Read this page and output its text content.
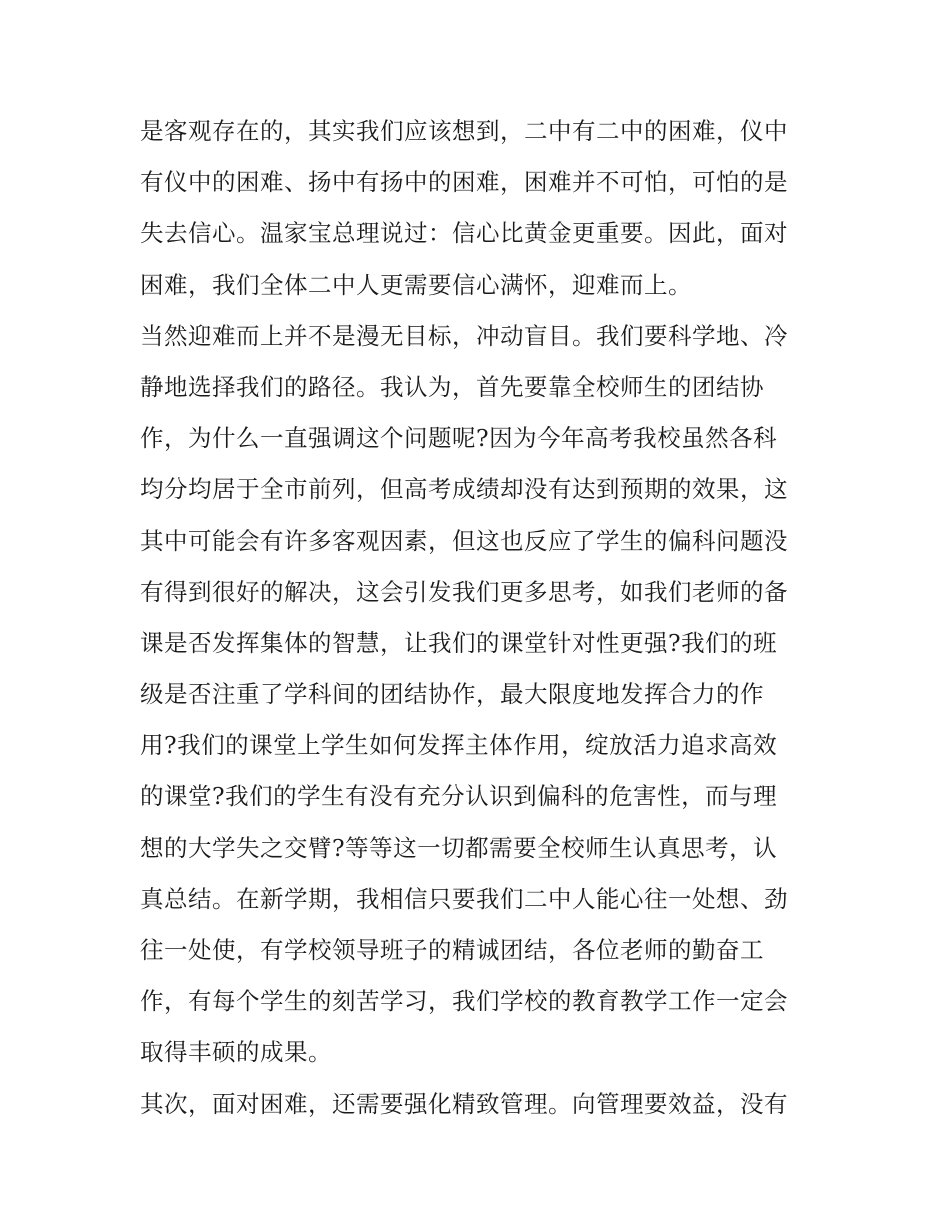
是客观存在的，其实我们应该想到，二中有二中的困难，仪中
有仪中的困难、扬中有扬中的困难，困难并不可怕，可怕的是
失去信心。温家宝总理说过：信心比黄金更重要。因此，面对
困难，我们全体二中人更需要信心满怀，迎难而上。
当然迎难而上并不是漫无目标，冲动盲目。我们要科学地、冷
静地选择我们的路径。我认为，首先要靠全校师生的团结协
作，为什么一直强调这个问题呢?因为今年高考我校虽然各科
均分均居于全市前列，但高考成绩却没有达到预期的效果，这
其中可能会有许多客观因素，但这也反应了学生的偏科问题没
有得到很好的解决，这会引发我们更多思考，如我们老师的备
课是否发挥集体的智慧，让我们的课堂针对性更强?我们的班
级是否注重了学科间的团结协作，最大限度地发挥合力的作
用?我们的课堂上学生如何发挥主体作用，绽放活力追求高效
的课堂?我们的学生有没有充分认识到偏科的危害性，而与理
想的大学失之交臂?等等这一切都需要全校师生认真思考，认
真总结。在新学期，我相信只要我们二中人能心往一处想、劲
往一处使，有学校领导班子的精诚团结，各位老师的勤奋工
作，有每个学生的刻苦学习，我们学校的教育教学工作一定会
取得丰硕的成果。
其次，面对困难，还需要强化精致管理。向管理要效益，没有
